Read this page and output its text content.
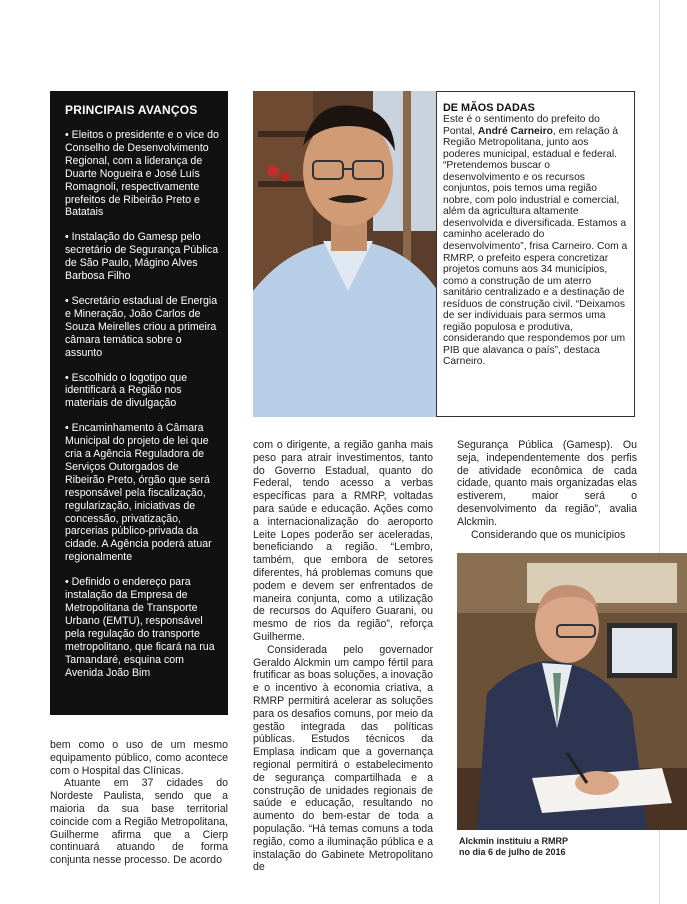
PRINCIPAIS AVANÇOS

• Eleitos o presidente e o vice do Conselho de Desenvolvimento Regional, com a liderança de Duarte Nogueira e José Luís Romagnoli, respectivamente prefeitos de Ribeirão Preto e Batatais

• Instalação do Gamesp pelo secretário de Segurança Pública de São Paulo, Mágino Alves Barbosa Filho

• Secretário estadual de Energia e Mineração, João Carlos de Souza Meirelles criou a primeira câmara temática sobre o assunto

• Escolhido o logotipo que identificará a Região nos materiais de divulgação

• Encaminhamento à Câmara Municipal do projeto de lei que cria a Agência Reguladora de Serviços Outorgados de Ribeirão Preto, órgão que será responsável pela fiscalização, regularização, iniciativas de concessão, privatização, parcerias público-privada da cidade. A Agência poderá atuar regionalmente

• Definido o endereço para instalação da Empresa de Metropolitana de Transporte Urbano (EMTU), responsável pela regulação do transporte metropolitano, que ficará na rua Tamandaré, esquina com Avenida João Bim

DE MÃOS DADAS

Este é o sentimento do prefeito do Pontal, André Carneiro, em relação à Região Metropolitana, junto aos poderes municipal, estadual e federal. “Pretendemos buscar o desenvolvimento e os recursos conjuntos, pois temos uma região nobre, com polo industrial e comercial, além da agricultura altamente desenvolvida e diversificada. Estamos a caminho acelerado do desenvolvimento”, frisa Carneiro. Com a RMRP, o prefeito espera concretizar projetos comuns aos 34 municípios, como a construção de um aterro sanitário centralizado e a destinação de resíduos de construção civil. “Deixamos de ser individuais para sermos uma região populosa e produtiva, considerando que respondemos por um PIB que alavanca o país”, destaca Carneiro.

bem como o uso de um mesmo equipamento público, como acontece com o Hospital das Clínicas.

Atuante em 37 cidades do Nordeste Paulista, sendo que a maioria da sua base territorial coincide com a Região Metropolitana, Guilherme afirma que a Cierp continuará atuando de forma conjunta nesse processo. De acordo

com o dirigente, a região ganha mais peso para atrair investimentos, tanto do Governo Estadual, quanto do Federal, tendo acesso a verbas específicas para a RMRP, voltadas para saúde e educação. Ações como a internacionalização do aeroporto Leite Lopes poderão ser aceleradas, beneficiando a região. “Lembro, também, que embora de setores diferentes, há problemas comuns que podem e devem ser enfrentados de maneira conjunta, como a utilização de recursos do Aquífero Guarani, ou mesmo de rios da região”, reforça Guilherme.

Considerada pelo governador Geraldo Alckmin um campo fértil para frutificar as boas soluções, a inovação e o incentivo à economia criativa, a RMRP permitirá acelerar as soluções para os desafios comuns, por meio da gestão integrada das políticas públicas. Estudos técnicos da Emplasa indicam que a governança regional permitirá o estabelecimento de segurança compartilhada e a construção de unidades regionais de saúde e educação, resultando no aumento do bem-estar de toda a população. “Há temas comuns a toda região, como a iluminação pública e a instalação do Gabinete Metropolitano de

Segurança Pública (Gamesp). Ou seja, independentemente dos perfis de atividade econômica de cada cidade, quanto mais organizadas elas estiverem, maior será o desenvolvimento da região”, avalia Alckmin.

Considerando que os municípios

Alckmin instituiu a RMRP
no dia 6 de julho de 2016
